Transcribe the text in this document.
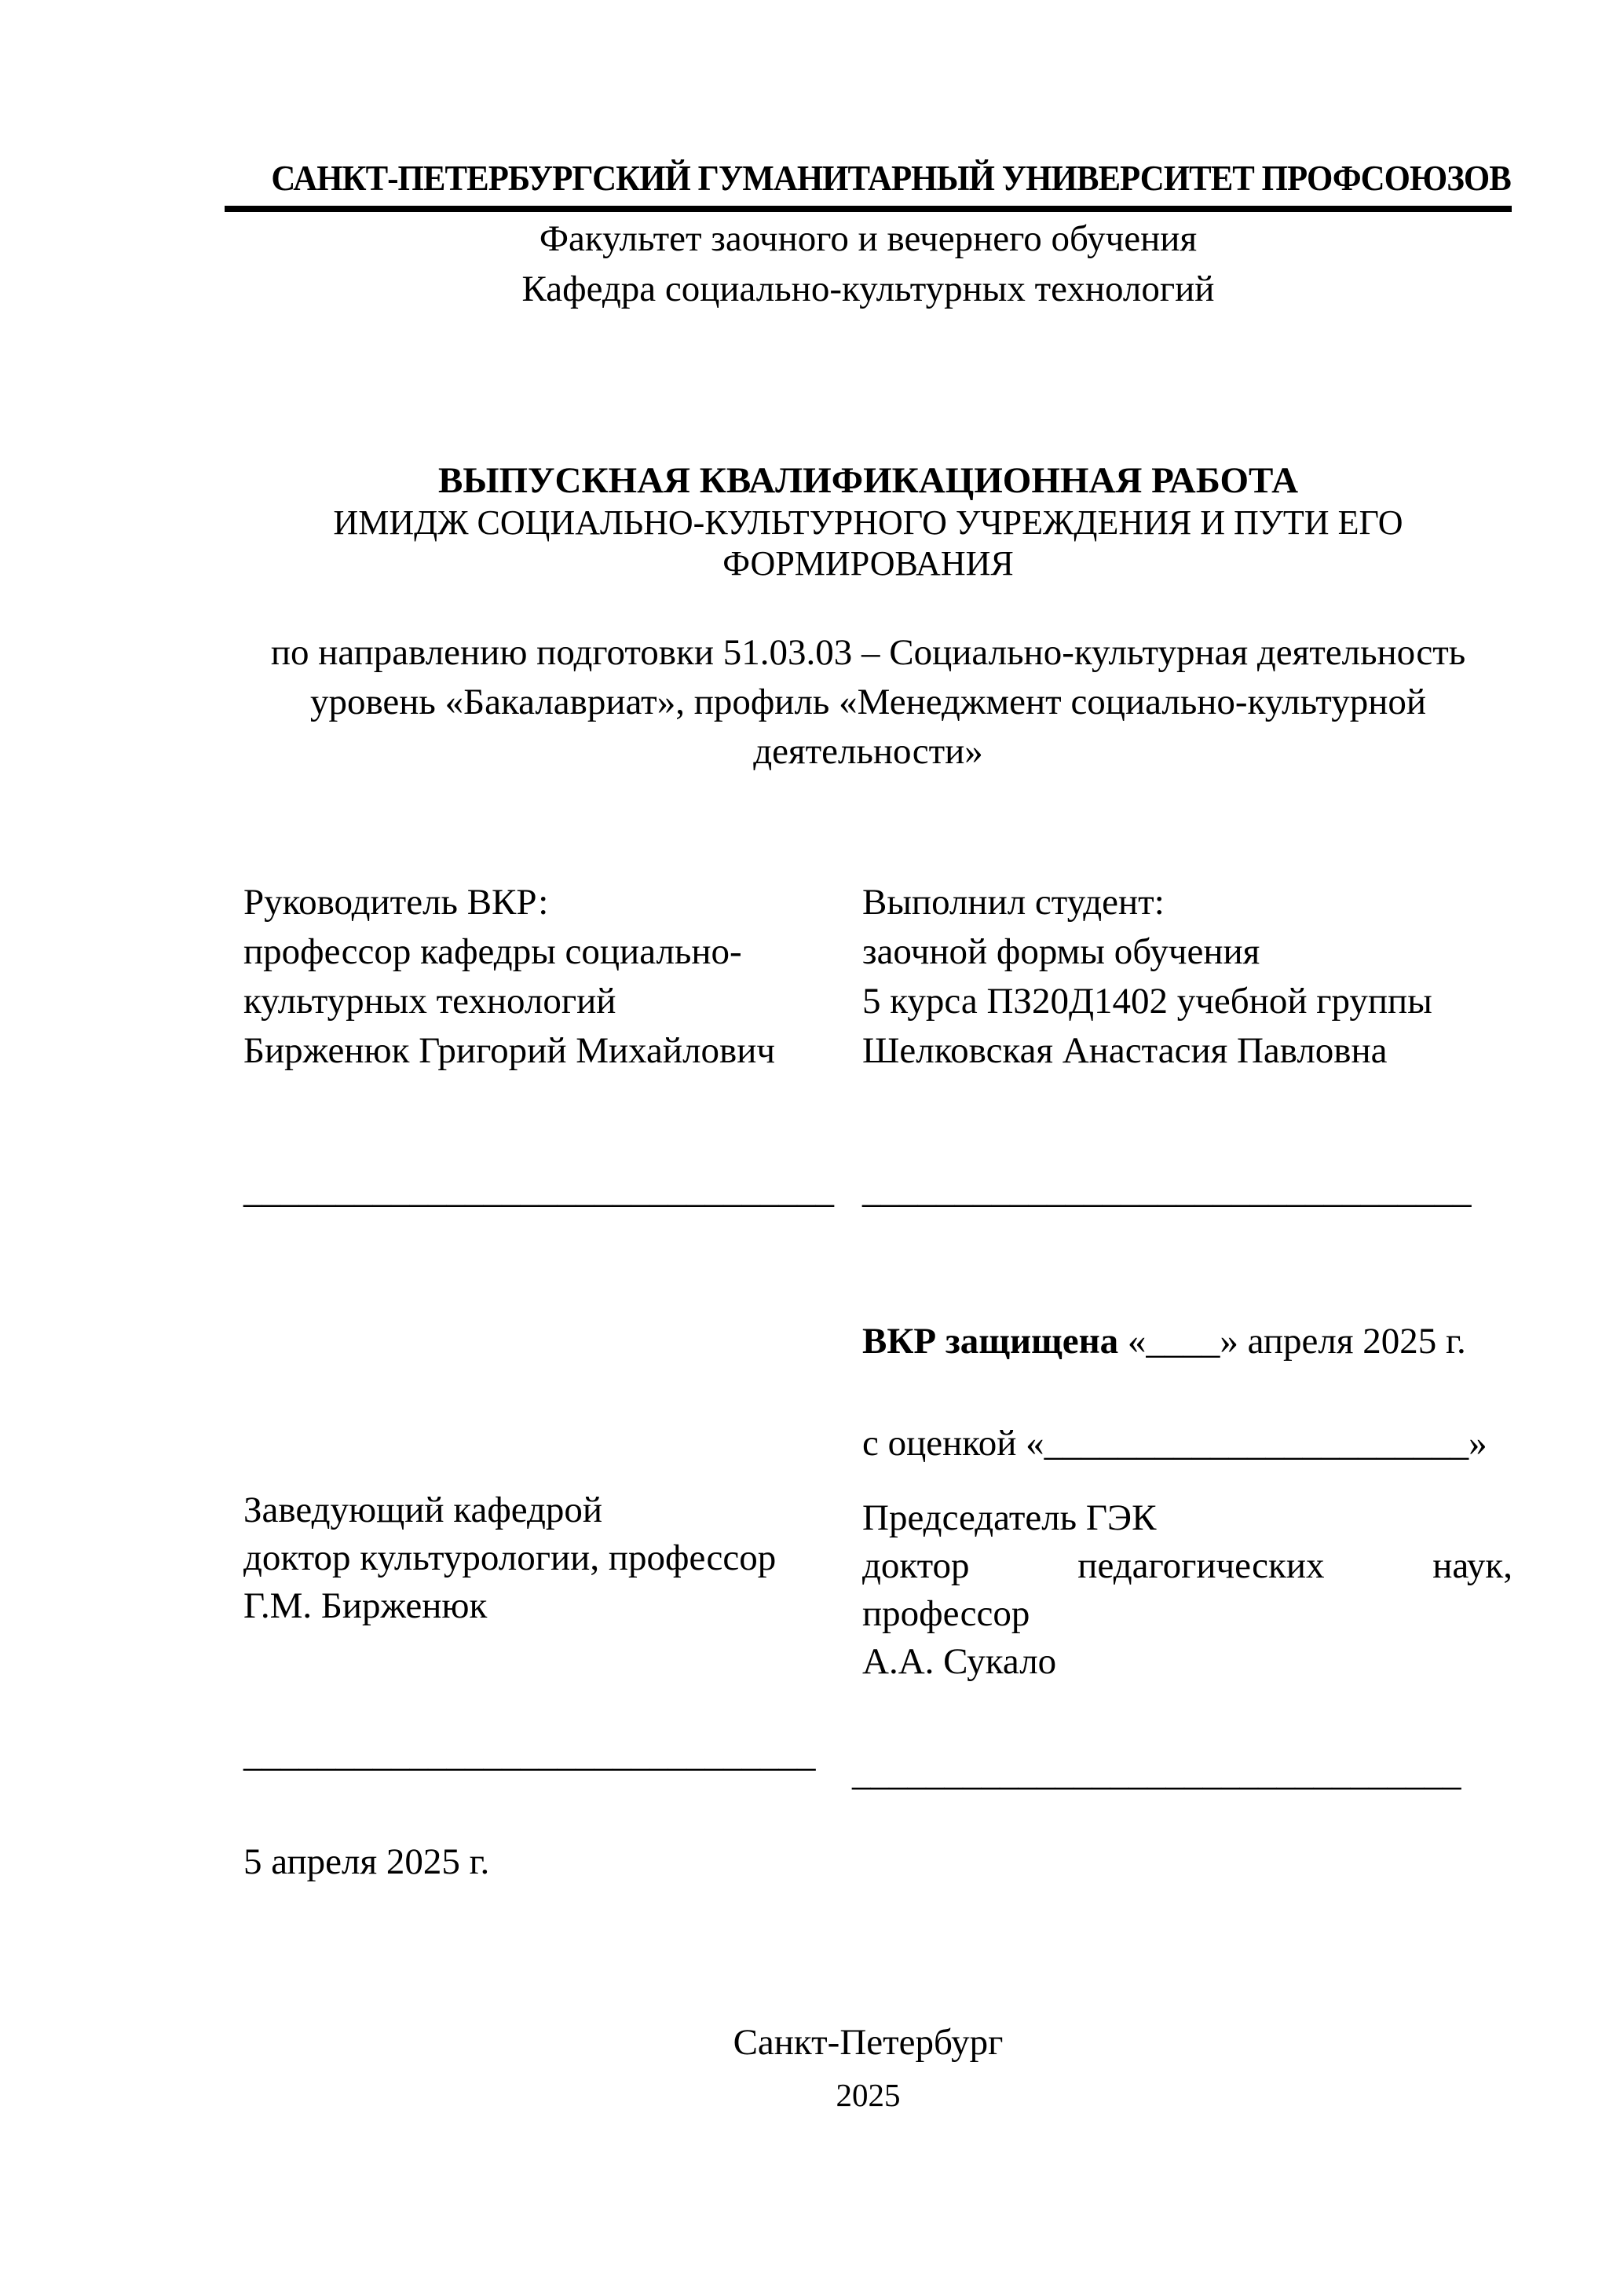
САНКТ-ПЕТЕРБУРГСКИЙ ГУМАНИТАРНЫЙ УНИВЕРСИТЕТ ПРОФСОЮЗОВ
Факультет заочного и вечернего обучения
Кафедра социально-культурных технологий
ВЫПУСКНАЯ КВАЛИФИКАЦИОННАЯ РАБОТА
ИМИДЖ СОЦИАЛЬНО-КУЛЬТУРНОГО УЧРЕЖДЕНИЯ И ПУТИ ЕГО
ФОРМИРОВАНИЯ
по направлению подготовки 51.03.03 – Социально-культурная деятельность
уровень «Бакалавриат», профиль «Менеджмент социально-культурной
деятельности»
Руководитель ВКР:
профессор кафедры социально-
культурных технологий
Бирженюк Григорий Михайлович
Выполнил студент:
заочной формы обучения
5 курса ПЗ20Д1402 учебной группы
Шелковская Анастасия Павловна
________________________________ _________________________________
ВКР защищена «____» апреля 2025 г.
с оценкой «_______________________»
Заведующий кафедрой
доктор культурологии, профессор
Г.М. Бирженюк
Председатель ГЭК
доктор	педагогических	наук,
профессор
А.А. Сукало
_______________________________ _________________________________
5 апреля 2025 г.
Санкт-Петербург
2025
